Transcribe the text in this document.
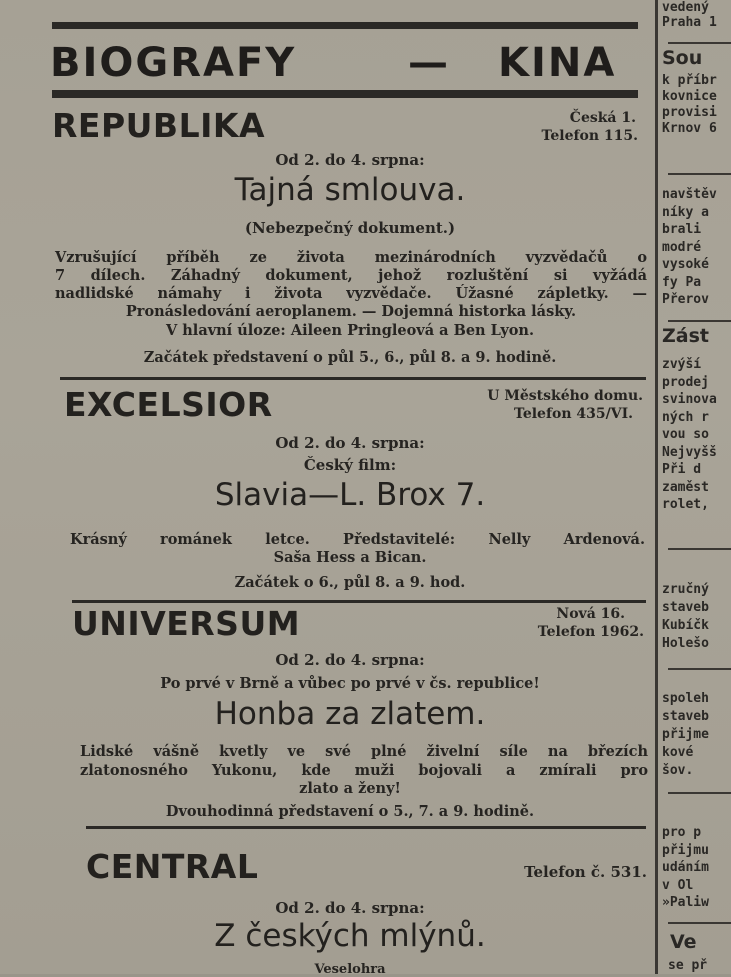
BIOGRAFY	— KINA
REPUBLIKA	Česká 1.
Telefon 115.
Od 2. do 4. srpna:
Tajná smlouva.
(Nebezpečný dokument.)
Vzrušující příběh ze života mezinárodních vyzvědačů o
7 dílech. Záhadný dokument, jehož rozluštění si vyžádá
nadlidské námahy i života vyzvědače. Úžasné zápletky. —
Pronásledování aeroplanem. — Dojemná historka lásky.
V hlavní úloze: Aileen Pringleová a Ben Lyon.
Začátek představení o půl 5., 6., půl 8. a 9. hodině.
EXCELSIOR	U Městského domu.
Telefon 435/VI.
Od 2. do 4. srpna:
Český film:
Slavia—L. Brox 7.
Krásný románek letce. Představitelé: Nelly Ardenová.
Saša Hess a Bican.
Začátek o 6., půl 8. a 9. hod.
UNIVERSUM	Nová 16.
Telefon 1962.
Od 2. do 4. srpna:
Po prvé v Brně a vůbec po prvé v čs. republice!
Honba za zlatem.
Lidské vášně kvetly ve své plné živelní síle na březích
zlatonosného Yukonu, kde muži bojovali a zmírali pro
zlato a ženy!
Dvouhodinná představení o 5., 7. a 9. hodině.
CENTRAL	Telefon č. 531.
Od 2. do 4. srpna:
Z českých mlýnů.
Veselohra
vedený
Praha 1
Sou
k příbr
kovnice
provisi
Krnov 6
navštěv
níky a
brali
modré
vysoké
fy Pa
Přerov
Zást
zvýší
prodej
svinova
ných r
vou so
Nejvyšš
Při d
zaměst
rolet,
zručný
staveb
Kubíčk
Holešo
spoleh
staveb
přijme
kové
šov.
pro p
přijmu
udáním
v Ol
»Paliw
Ve
se př
